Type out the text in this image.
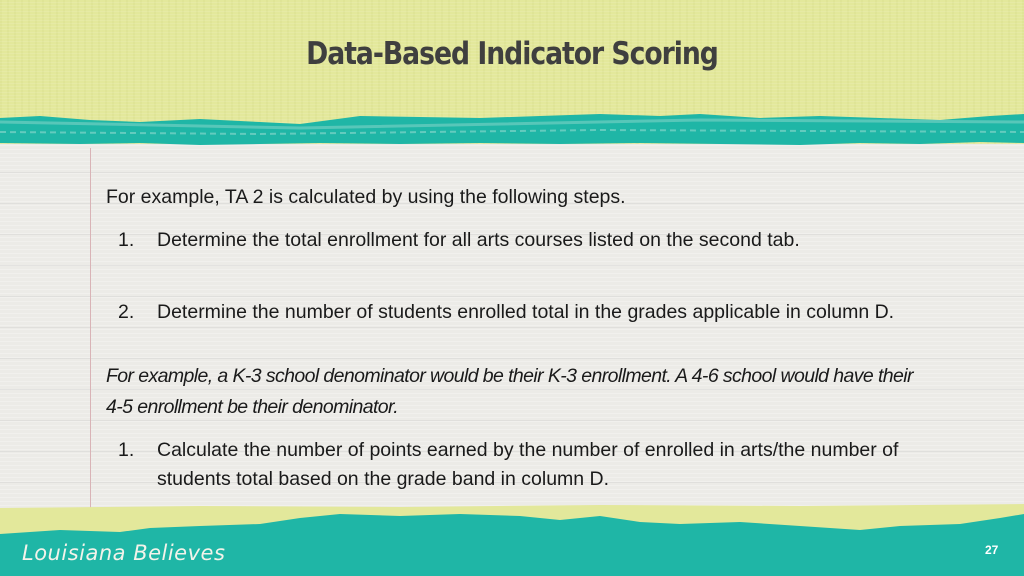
Data-Based Indicator Scoring
For example, TA 2 is calculated by using the following steps.
1. Determine the total enrollment for all arts courses listed on the second tab.
2. Determine the number of students enrolled total in the grades applicable in column D.
For example, a K-3 school denominator would be their K-3 enrollment. A 4-6 school would have their 4-5 enrollment be their denominator.
1. Calculate the number of points earned by the number of enrolled in arts/the number of students total based on the grade band in column D.
Louisiana Believes	27
